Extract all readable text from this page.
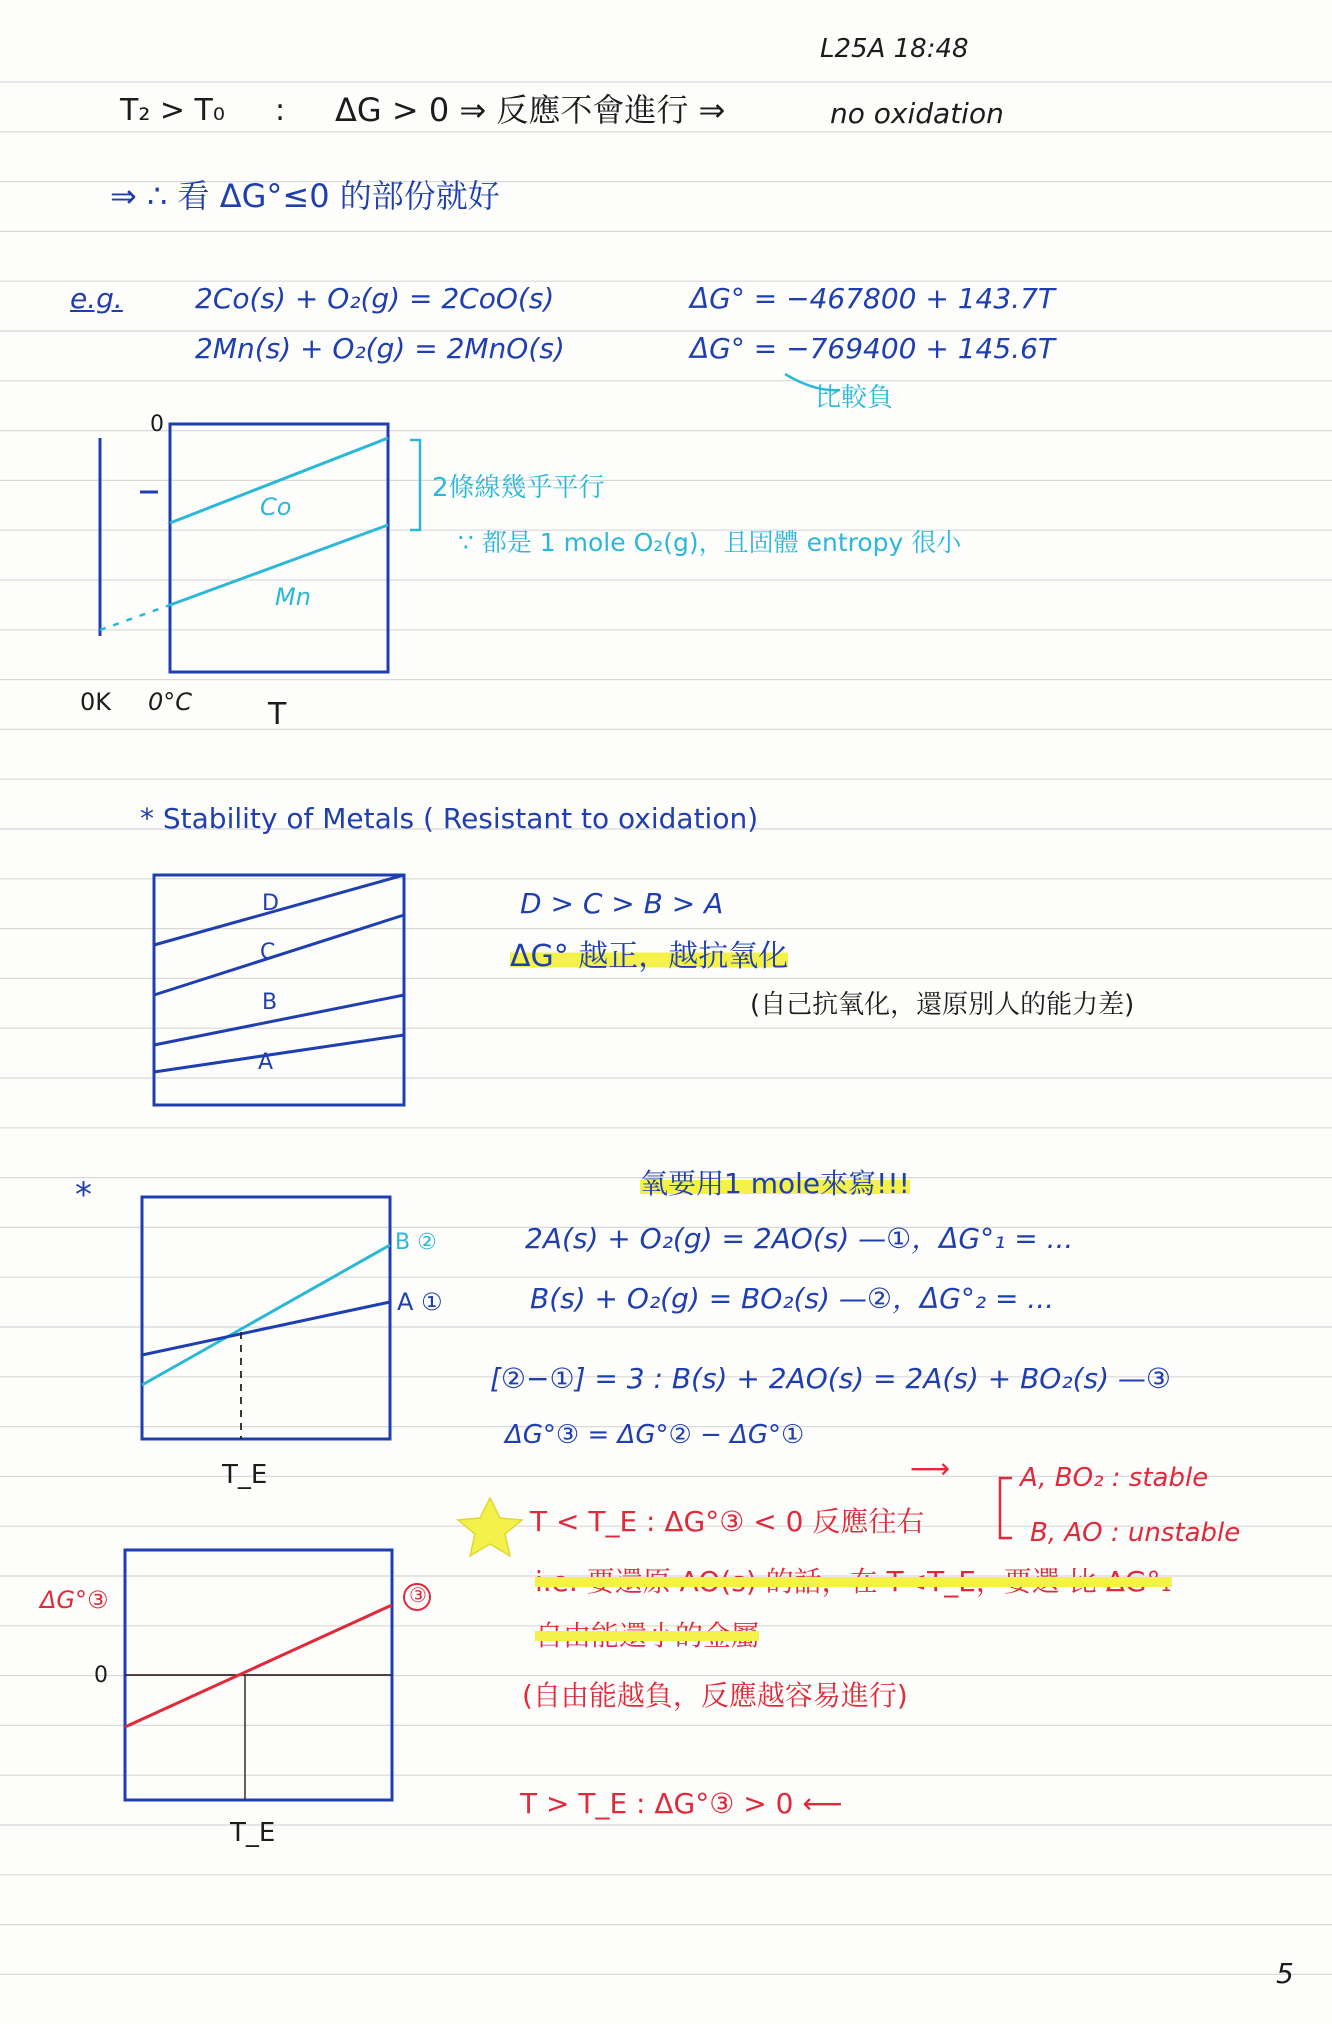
L25A 18:48
T₂ > T₀ : ΔG > 0 ⇒ 反應不會進行 ⇒	no oxidation
⇒ ∴ 看 ΔG°≤0 的部份就好
e.g.	2Co(s) + O₂(g) = 2CoO(s)	ΔG° = −467800 + 143.7T
2Mn(s) + O₂(g) = 2MnO(s)	ΔG° = −769400 + 145.6T
比較負
0
Co
Mn
0K 0°C	T
2條線幾乎平行
∵ 都是 1 mole O₂(g)，且固體 entropy 很小
* Stability of Metals ( Resistant to oxidation)
D
C
B
A
D > C > B > A
ΔG° 越正，越抗氧化
(自己抗氧化，還原別人的能力差)
*
B ②
A ①
T_E
氧要用1 mole來寫!!!
2A(s) + O₂(g) = 2AO(s) —①，ΔG°₁ = ...
B(s) + O₂(g) = BO₂(s) —②，ΔG°₂ = ...
[②−①] = 3 : B(s) + 2AO(s) = 2A(s) + BO₂(s) —③
ΔG°③ = ΔG°② − ΔG°①
⟶	A, BO₂ : stable
B, AO : unstable
T < T_E : ΔG°③ < 0 反應往右
i.e. 要還原 AO(s) 的話，在 T<T_E，要選 比 ΔG°₁
自由能還小的金屬
(自由能越負，反應越容易進行)
T > T_E : ΔG°③ > 0 ⟵
ΔG°③
0
③
T_E
5
